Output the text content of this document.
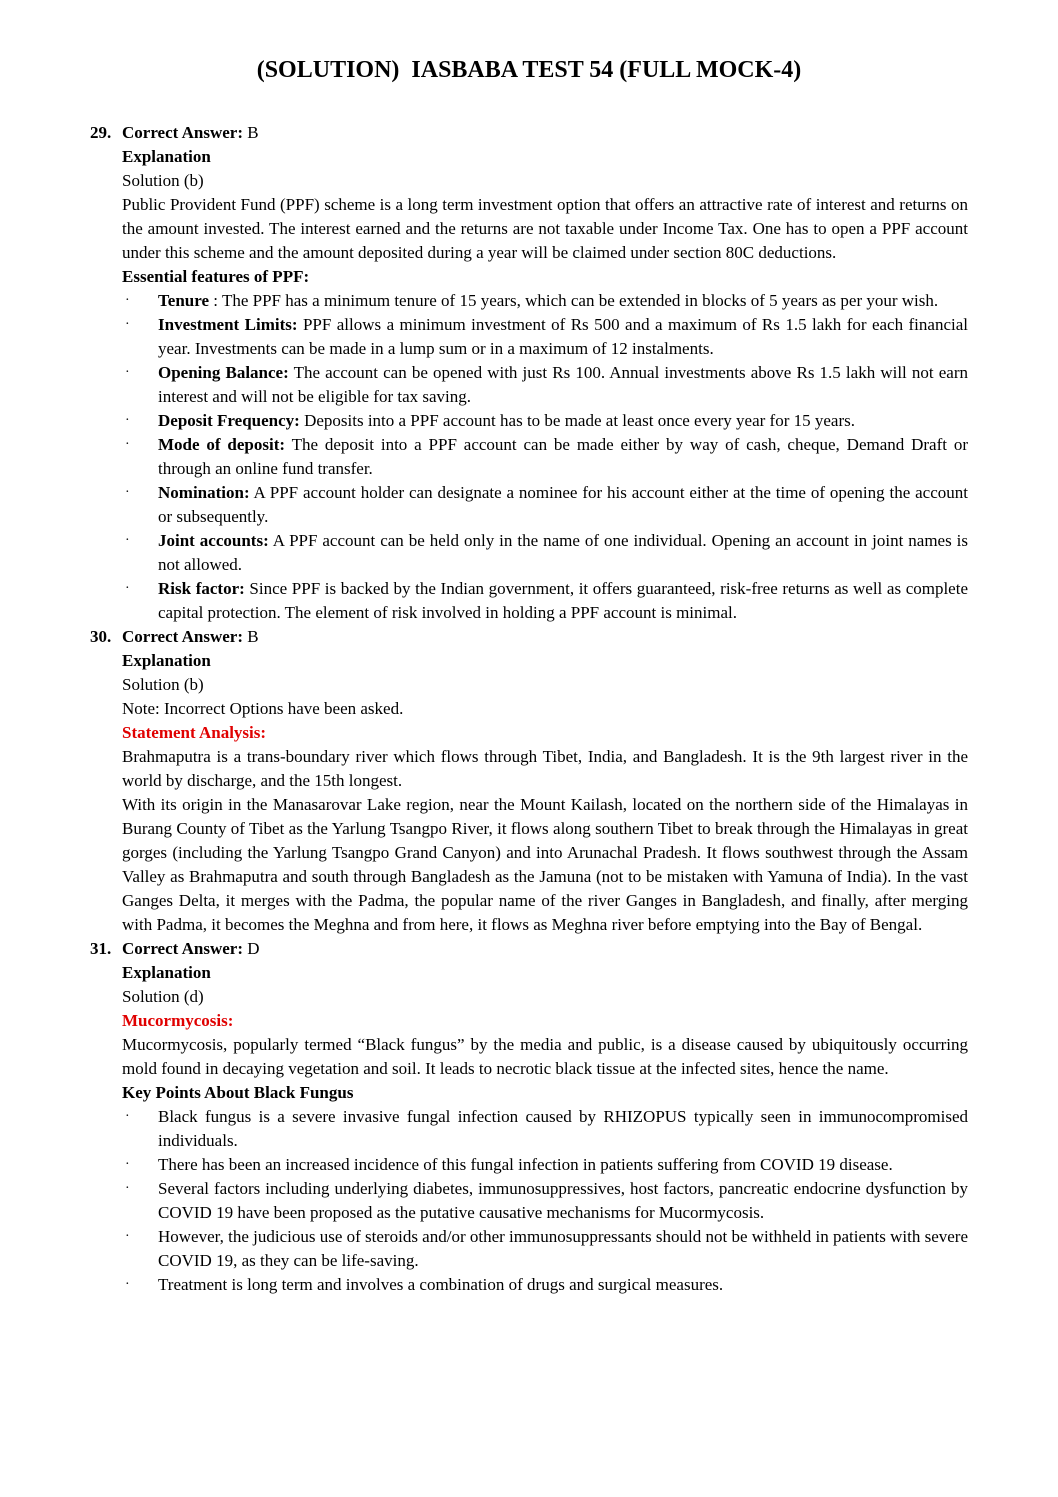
(SOLUTION)  IASBABA TEST 54 (FULL MOCK-4)
29. Correct Answer: B
Explanation
Solution (b)
Public Provident Fund (PPF) scheme is a long term investment option that offers an attractive rate of interest and returns on the amount invested. The interest earned and the returns are not taxable under Income Tax. One has to open a PPF account under this scheme and the amount deposited during a year will be claimed under section 80C deductions.
Essential features of PPF:
·	Tenure : The PPF has a minimum tenure of 15 years, which can be extended in blocks of 5 years as per your wish.
·	Investment Limits: PPF allows a minimum investment of Rs 500 and a maximum of Rs 1.5 lakh for each financial year. Investments can be made in a lump sum or in a maximum of 12 instalments.
·	Opening Balance: The account can be opened with just Rs 100. Annual investments above Rs 1.5 lakh will not earn interest and will not be eligible for tax saving.
·	Deposit Frequency: Deposits into a PPF account has to be made at least once every year for 15 years.
·	Mode of deposit: The deposit into a PPF account can be made either by way of cash, cheque, Demand Draft or through an online fund transfer.
·	Nomination: A PPF account holder can designate a nominee for his account either at the time of opening the account or subsequently.
·	Joint accounts: A PPF account can be held only in the name of one individual. Opening an account in joint names is not allowed.
·	Risk factor: Since PPF is backed by the Indian government, it offers guaranteed, risk-free returns as well as complete capital protection. The element of risk involved in holding a PPF account is minimal.
30. Correct Answer: B
Explanation
Solution (b)
Note: Incorrect Options have been asked.
Statement Analysis:
Brahmaputra is a trans-boundary river which flows through Tibet, India, and Bangladesh. It is the 9th largest river in the world by discharge, and the 15th longest.
With its origin in the Manasarovar Lake region, near the Mount Kailash, located on the northern side of the Himalayas in Burang County of Tibet as the Yarlung Tsangpo River, it flows along southern Tibet to break through the Himalayas in great gorges (including the Yarlung Tsangpo Grand Canyon) and into Arunachal Pradesh. It flows southwest through the Assam Valley as Brahmaputra and south through Bangladesh as the Jamuna (not to be mistaken with Yamuna of India). In the vast Ganges Delta, it merges with the Padma, the popular name of the river Ganges in Bangladesh, and finally, after merging with Padma, it becomes the Meghna and from here, it flows as Meghna river before emptying into the Bay of Bengal.
31. Correct Answer: D
Explanation
Solution (d)
Mucormycosis:
Mucormycosis, popularly termed “Black fungus” by the media and public, is a disease caused by ubiquitously occurring mold found in decaying vegetation and soil. It leads to necrotic black tissue at the infected sites, hence the name.
Key Points About Black Fungus
·	Black fungus is a severe invasive fungal infection caused by RHIZOPUS typically seen in immunocompromised individuals.
·	There has been an increased incidence of this fungal infection in patients suffering from COVID 19 disease.
·	Several factors including underlying diabetes, immunosuppressives, host factors, pancreatic endocrine dysfunction by COVID 19 have been proposed as the putative causative mechanisms for Mucormycosis.
·	However, the judicious use of steroids and/or other immunosuppressants should not be withheld in patients with severe COVID 19, as they can be life-saving.
·	Treatment is long term and involves a combination of drugs and surgical measures.
